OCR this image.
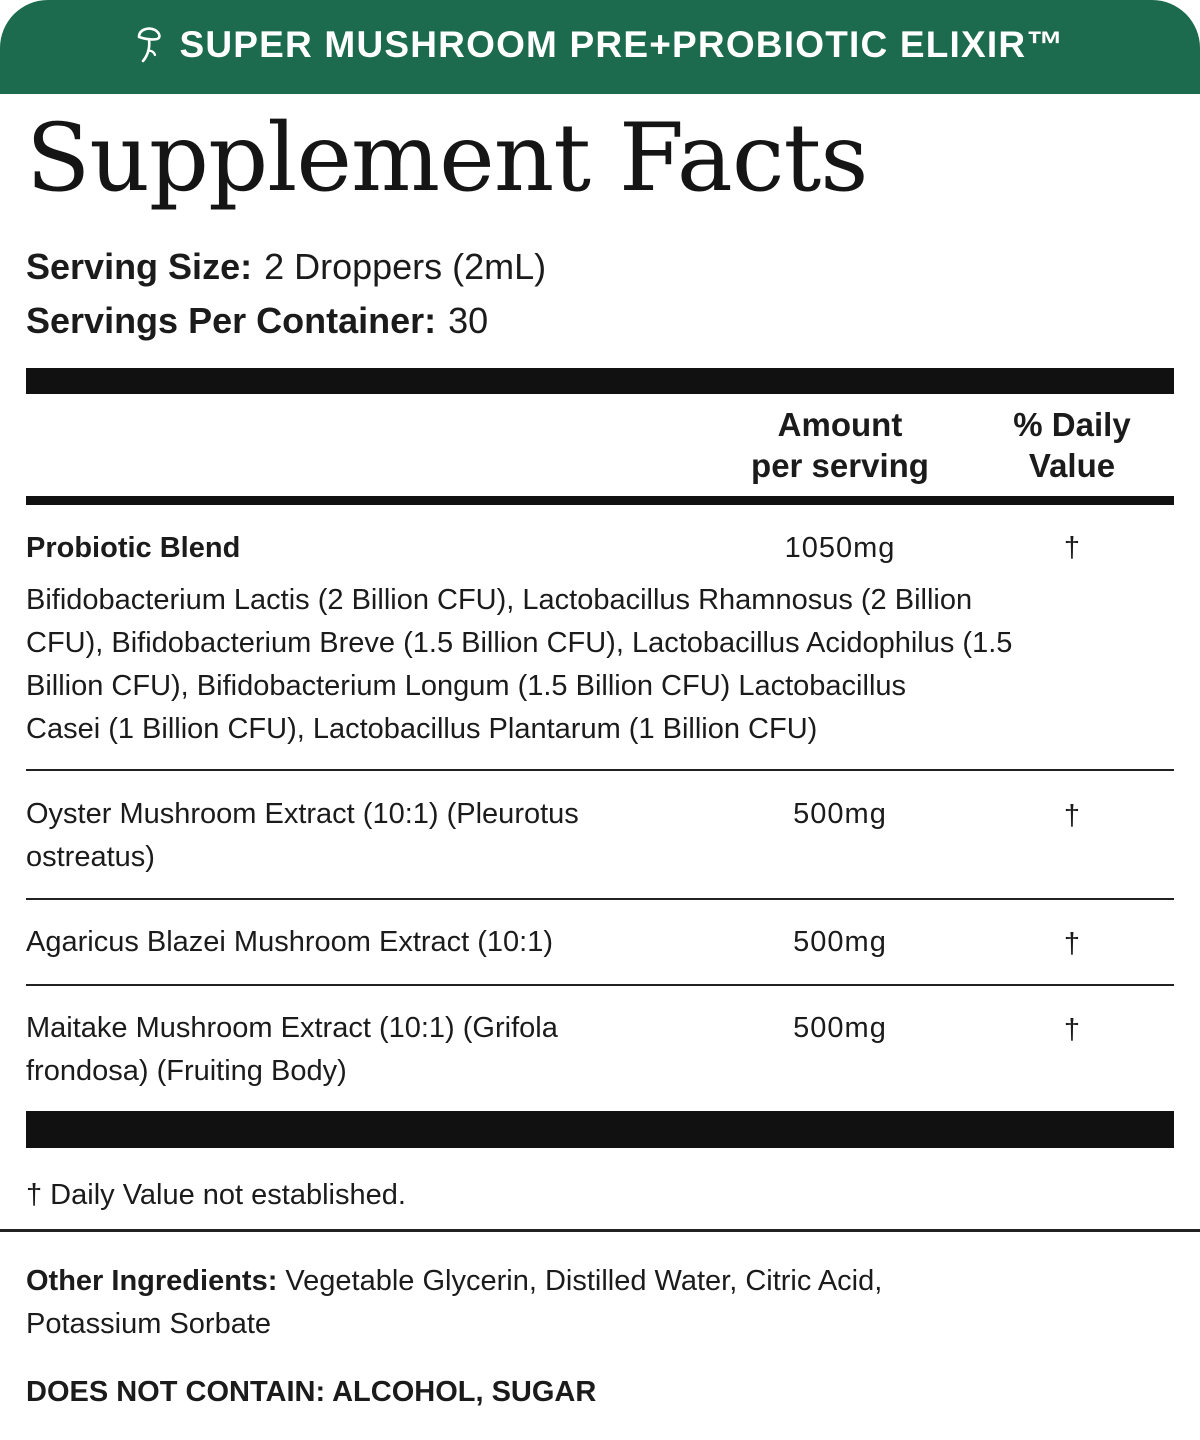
SUPER MUSHROOM PRE+PROBIOTIC ELIXIR™
Supplement Facts
Serving Size: 2 Droppers (2mL)
Servings Per Container: 30
Amount
per serving
% Daily
Value
Probiotic Blend	1050mg	†
Bifidobacterium Lactis (2 Billion CFU), Lactobacillus Rhamnosus (2 Billion
CFU), Bifidobacterium Breve (1.5 Billion CFU), Lactobacillus Acidophilus (1.5
Billion CFU), Bifidobacterium Longum (1.5 Billion CFU) Lactobacillus
Casei (1 Billion CFU), Lactobacillus Plantarum (1 Billion CFU)
Oyster Mushroom Extract (10:1) (Pleurotus
ostreatus)
500mg	†
Agaricus Blazei Mushroom Extract (10:1)	500mg	†
Maitake Mushroom Extract (10:1) (Grifola
frondosa) (Fruiting Body)
500mg	†
† Daily Value not established.
Other Ingredients: Vegetable Glycerin, Distilled Water, Citric Acid,
Potassium Sorbate
DOES NOT CONTAIN: ALCOHOL, SUGAR
